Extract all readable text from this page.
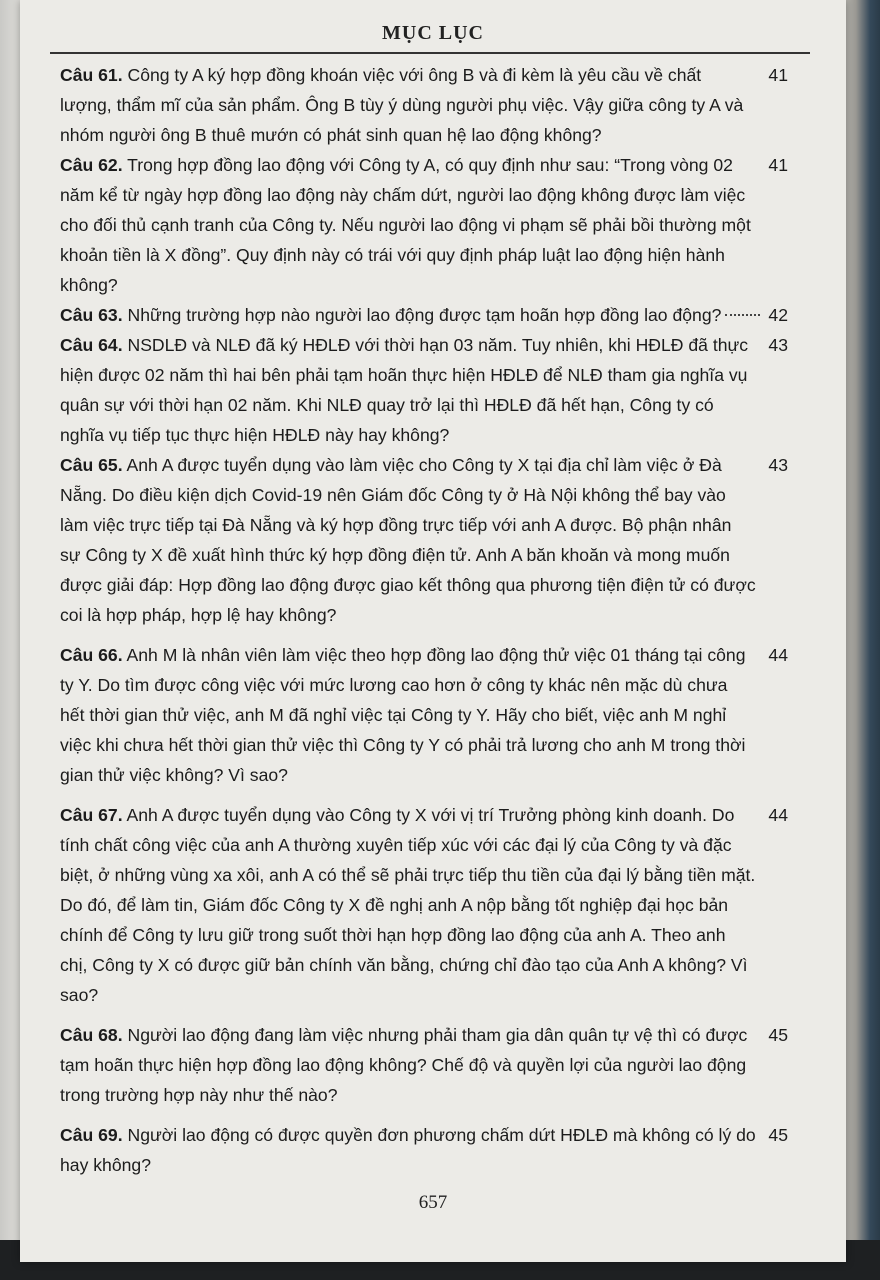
MỤC LỤC
Câu 61. Công ty A ký hợp đồng khoán việc với ông B và đi kèm là yêu cầu về chất lượng, thẩm mĩ của sản phẩm. Ông B tùy ý dùng người phụ việc. Vậy giữa công ty A và nhóm người ông B thuê mướn có phát sinh quan hệ lao động không?
41
Câu 62. Trong hợp đồng lao động với Công ty A, có quy định như sau: “Trong vòng 02 năm kể từ ngày hợp đồng lao động này chấm dứt, người lao động không được làm việc cho đối thủ cạnh tranh của Công ty. Nếu người lao động vi phạm sẽ phải bồi thường một khoản tiền là X đồng”. Quy định này có trái với quy định pháp luật lao động hiện hành không?
41
Câu 63. Những trường hợp nào người lao động được tạm hoãn hợp đồng lao động?	42
Câu 64. NSDLĐ và NLĐ đã ký HĐLĐ với thời hạn 03 năm. Tuy nhiên, khi HĐLĐ đã thực hiện được 02 năm thì hai bên phải tạm hoãn thực hiện HĐLĐ để NLĐ tham gia nghĩa vụ quân sự với thời hạn 02 năm. Khi NLĐ quay trở lại thì HĐLĐ đã hết hạn, Công ty có nghĩa vụ tiếp tục thực hiện HĐLĐ này hay không?
43
Câu 65. Anh A được tuyển dụng vào làm việc cho Công ty X tại địa chỉ làm việc ở Đà Nẵng. Do điều kiện dịch Covid-19 nên Giám đốc Công ty ở Hà Nội không thể bay vào làm việc trực tiếp tại Đà Nẵng và ký hợp đồng trực tiếp với anh A được. Bộ phận nhân sự Công ty X đề xuất hình thức ký hợp đồng điện tử. Anh A băn khoăn và mong muốn được giải đáp: Hợp đồng lao động được giao kết thông qua phương tiện điện tử có được coi là hợp pháp, hợp lệ hay không?
43
Câu 66. Anh M là nhân viên làm việc theo hợp đồng lao động thử việc 01 tháng tại công ty Y. Do tìm được công việc với mức lương cao hơn ở công ty khác nên mặc dù chưa hết thời gian thử việc, anh M đã nghỉ việc tại Công ty Y. Hãy cho biết, việc anh M nghỉ việc khi chưa hết thời gian thử việc thì Công ty Y có phải trả lương cho anh M trong thời gian thử việc không? Vì sao?
44
Câu 67. Anh A được tuyển dụng vào Công ty X với vị trí Trưởng phòng kinh doanh. Do tính chất công việc của anh A thường xuyên tiếp xúc với các đại lý của Công ty và đặc biệt, ở những vùng xa xôi, anh A có thể sẽ phải trực tiếp thu tiền của đại lý bằng tiền mặt. Do đó, để làm tin, Giám đốc Công ty X đề nghị anh A nộp bằng tốt nghiệp đại học bản chính để Công ty lưu giữ trong suốt thời hạn hợp đồng lao động của anh A. Theo anh chị, Công ty X có được giữ bản chính văn bằng, chứng chỉ đào tạo của Anh A không? Vì sao?
44
Câu 68. Người lao động đang làm việc nhưng phải tham gia dân quân tự vệ thì có được tạm hoãn thực hiện hợp đồng lao động không? Chế độ và quyền lợi của người lao động trong trường hợp này như thế nào?
45
Câu 69. Người lao động có được quyền đơn phương chấm dứt HĐLĐ mà không có lý do hay không?
45
657
